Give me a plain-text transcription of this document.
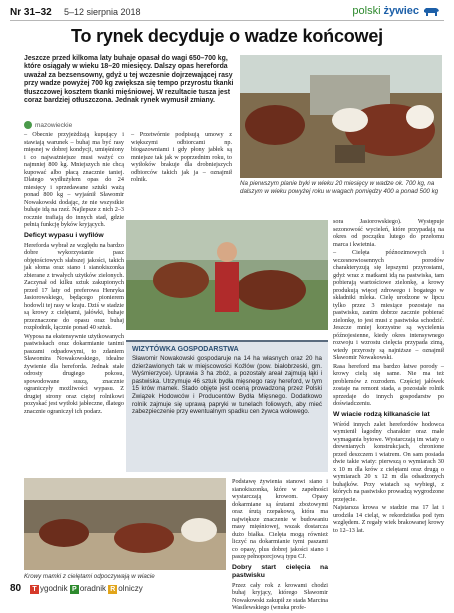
Nr 31–32 5–12 sierpnia 2018	polski żywiec
To rynek decyduje o wadze końcowej
Jeszcze przed kilkoma laty buhaje opasał do wagi 650–700 kg, które osiągały w wieku 18–20 miesięcy. Dalszy opas herefordа uważał za bezsensowny, gdyż u tej wczesnie dojrzewającej rasy przy wadze powyżej 700 kg zwiększa się tempo przyrostu tkanki tłuszczowej kosztem tkanki mięśniowej. W rezultacie tusza jest coraz bardziej otłuszczona. Jednak rynek wymusił zmiany.
mazowieckie
Na pierwszym planie byki w wieku 20 miesięcy w wadze ok. 700 kg, na dalszym w wieku powyżej roku w wagach pomiędzy 400 a ponad 500 kg

– Obecnie przyjeżdżają kupujący i stawiają warunek – buhaj ma być rasy mięsnej w dobrej kondycji, umięśniony i co najważniejsze musi ważyć co najmniej 800 kg. Mniejszych nie chcą kupować albo płacą znacznie taniej. Dlatego wydłużyłem opas do 24 miesięcy i sprzedawane sztuki ważą ponad 800 kg – wyjaśnił Sławomir Nowakowski dodając, że nie wszystkie buhaje idą na rzeź. Najlepsze z nich 2–3 rocznie trafiają do innych stad, gdzie pełnią funkcję byków kryjących.

Deficyt wypasu i wyfilów

Hereforda wybrał ze względu na bardzo dobre wykorzystanie pasz objętościowych słabszej jakości, takich jak słoma oraz siano i sianokiszonka zbierane z trwałych użytków zielonych. Zaczynał od kilku sztuk zakupionych przed 17 laty od preferowa Henryka Jasiorowskiego, będącego pionierem hodowli tej rasy w kraju. Dziś w stadzie są krowy z cielętami, jałówki, buhaje przeznaczone do opasu oraz buhaj rozpłodnik, łącznie ponad 40 sztuk.

Wyposa na ekstensywnie użytkowanych pastwiskach oraz dokarmianie tanimi paszami odpadowymi, to zdaniem Sławomira Nowakowskiego, idealne żywienie dla herefordа. Jednak stałe odrosty drugiego pokosu, spowodowane suszą, znacznie ograniczyły możliwości wypasu. Z drugiej strony oraz ciężej rolnikowi pozyskać jest wytłoki jabłeczne, dlatego znacznie ograniczył ich podarz.

– Przetwórnie podpisują umowy z większymi odbiorcami np. biogazowniami i gdy płony jabłek są mniejsze tak jak w poprzednim roku, to wytłoków brakuje dla drobniejszych odbiorców takich jak ja – oznajmił rolnik.

WIZYTÓWKA GOSPODARSTWA

Sławomir Nowakowski gospodaruje na 14 ha własnych oraz 20 ha dzierżawionych tak w miejscowości Koźlów (pow. białobrzeski, gm. Wyśmierzyce). Uprawia 3 ha zbóż, a pozostały areał zajmują łąki i pastwiska. Utrzymuje 46 sztuk bydła mięsnego rasy hereford, w tym 15 krów mamek. Stado objęte jest oceną prowadzoną przez Polski Związek Hodowców i Producentów Bydła Mięsnego. Dodatkowo rolnik zajmuje się uprawą papryki w tunelach foliowych, aby mieć zabezpieczenie przy ewentualnym spadku cen żywca wołowego.

Podstawę żywienia stanowi siano i sianokiszonka, które w zapełności wystarczają krowom. Opasy dokarmiane są śrutami zbożowymi oraz śrutą rzepakową, która ma największe znaczenie w budowaniu masy mięśniowej, wszak dostarcza dużo białka. Cielęta mogą również liczyć na dokarmianie tymi paszami co opasy, plus dobrej jakości siano i paszę pełnoporcjową typu CJ.

Dobry start cielęcia na pastwisku

Przez cały rok z krowami chodzi buhaj kryjący, którego Sławomir Nowakowski zakupił ze stada Marcina Wasilewskiego (wnuka profe-

Krowy mamki z cielętami odpoczywają w wiacie

sora Jasiorowskiego). Występuje sezonowość wycieleń, które przypadają na okres od początku lutego do przełomu marca i kwietnia.

– Cielęta późnozimowych i wczesnowiosennych porodów charakteryzują się lepszymi przyrostami, gdyż wraz z matkami idą na pastwiska, tam pobierają wartościowe zielonkę, a krowy produkują więcej zdrowego i bogatego w składniki mleka. Cielę urodzone w lipcu tylko przez 3 miesiące pozostaje na pastwisku, zanim dobrze zacznie pobierać zielonkę, to jest musi z pastwiska schodzić. Jeszcze mniej korzystne są wycielenia późnojesienne, kiedy okres intensywnego rozwoju i wzrostu cielęcia przypada zimą, wtedy przyrosty są najniższe – oznajmił Sławomir Nowakowski.

Rasa hereford ma bardzo łatwe porody – krowy cielą się same. Nie ma też problemów z rozrodem. Częściej jałówek zostaje na remont stada, a pozostałe rolnik sprzedaje do innych gospodarstw po doświadczeniu.

W wiacie rodzą kilkanaście lat

Wśród innych zalet herefordów hodowca wymienił łagodny charakter oraz małe wymagania bytowe. Wystarczają im wiaty o drewnianych konstrukcjach, chronione przed deszczem i wiatrem. On sam posiada dwie takie wiaty: pierwszą o wymiarach 30 x 10 m dla krów z cielętami oraz drugą o wymiarach 20 x 12 m dla odsadzonych buhajków. Przy wiatach są wybiegi, z których na pastwisko prowadzą wygrodzone przejęcie.

Najstarsza krowa w stadzie ma 17 lat i urodziła 14 cieląt, w rekordzistka pod tym względem. Z regały wiek brakowanej krowy to 12–13 lat.

80	T ygodnik P oradnik R olniczy
